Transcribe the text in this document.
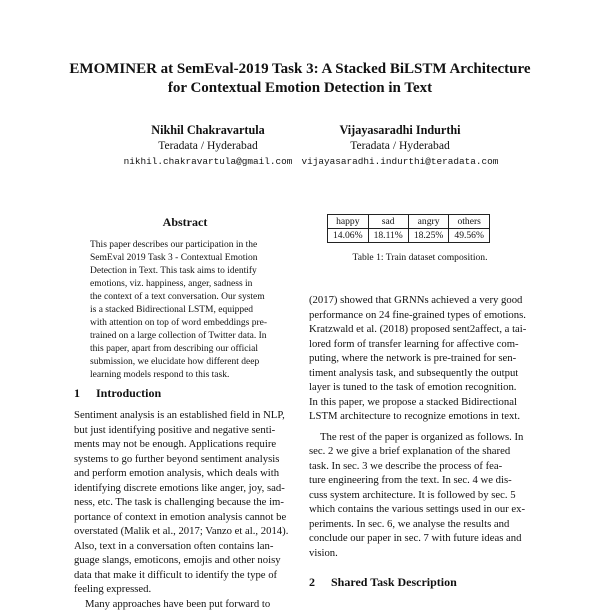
EMOMINER at SemEval-2019 Task 3: A Stacked BiLSTM Architecture
for Contextual Emotion Detection in Text
Nikhil Chakravartula
Teradata / Hyderabad
nikhil.chakravartula@gmail.com
Vijayasaradhi Indurthi
Teradata / Hyderabad
vijayasaradhi.indurthi@teradata.com
Abstract
This paper describes our participation in the
SemEval 2019 Task 3 - Contextual Emotion
Detection in Text. This task aims to identify
emotions, viz. happiness, anger, sadness in
the context of a text conversation. Our system
is a stacked Bidirectional LSTM, equipped
with attention on top of word embeddings pre-
trained on a large collection of Twitter data. In
this paper, apart from describing our official
submission, we elucidate how different deep
learning models respond to this task.
1 Introduction
Sentiment analysis is an established field in NLP,
but just identifying positive and negative senti-
ments may not be enough. Applications require
systems to go further beyond sentiment analysis
and perform emotion analysis, which deals with
identifying discrete emotions like anger, joy, sad-
ness, etc. The task is challenging because the im-
portance of context in emotion analysis cannot be
overstated (Malik et al., 2017; Vanzo et al., 2014).
Also, text in a conversation often contains lan-
guage slangs, emoticons, emojis and other noisy
data that make it difficult to identify the type of
feeling expressed.
Many approaches have been put forward to
happy	sad	angry	others
14.06%	18.11%	18.25%	49.56%
Table 1: Train dataset composition.
(2017) showed that GRNNs achieved a very good
performance on 24 fine-grained types of emotions.
Kratzwald et al. (2018) proposed sent2affect, a tai-
lored form of transfer learning for affective com-
puting, where the network is pre-trained for sen-
timent analysis task, and subsequently the output
layer is tuned to the task of emotion recognition.
In this paper, we propose a stacked Bidirectional
LSTM architecture to recognize emotions in text.
The rest of the paper is organized as follows. In
sec. 2 we give a brief explanation of the shared
task. In sec. 3 we describe the process of fea-
ture engineering from the text. In sec. 4 we dis-
cuss system architecture. It is followed by sec. 5
which contains the various settings used in our ex-
periments. In sec. 6, we analyse the results and
conclude our paper in sec. 7 with future ideas and
vision.
2 Shared Task Description
